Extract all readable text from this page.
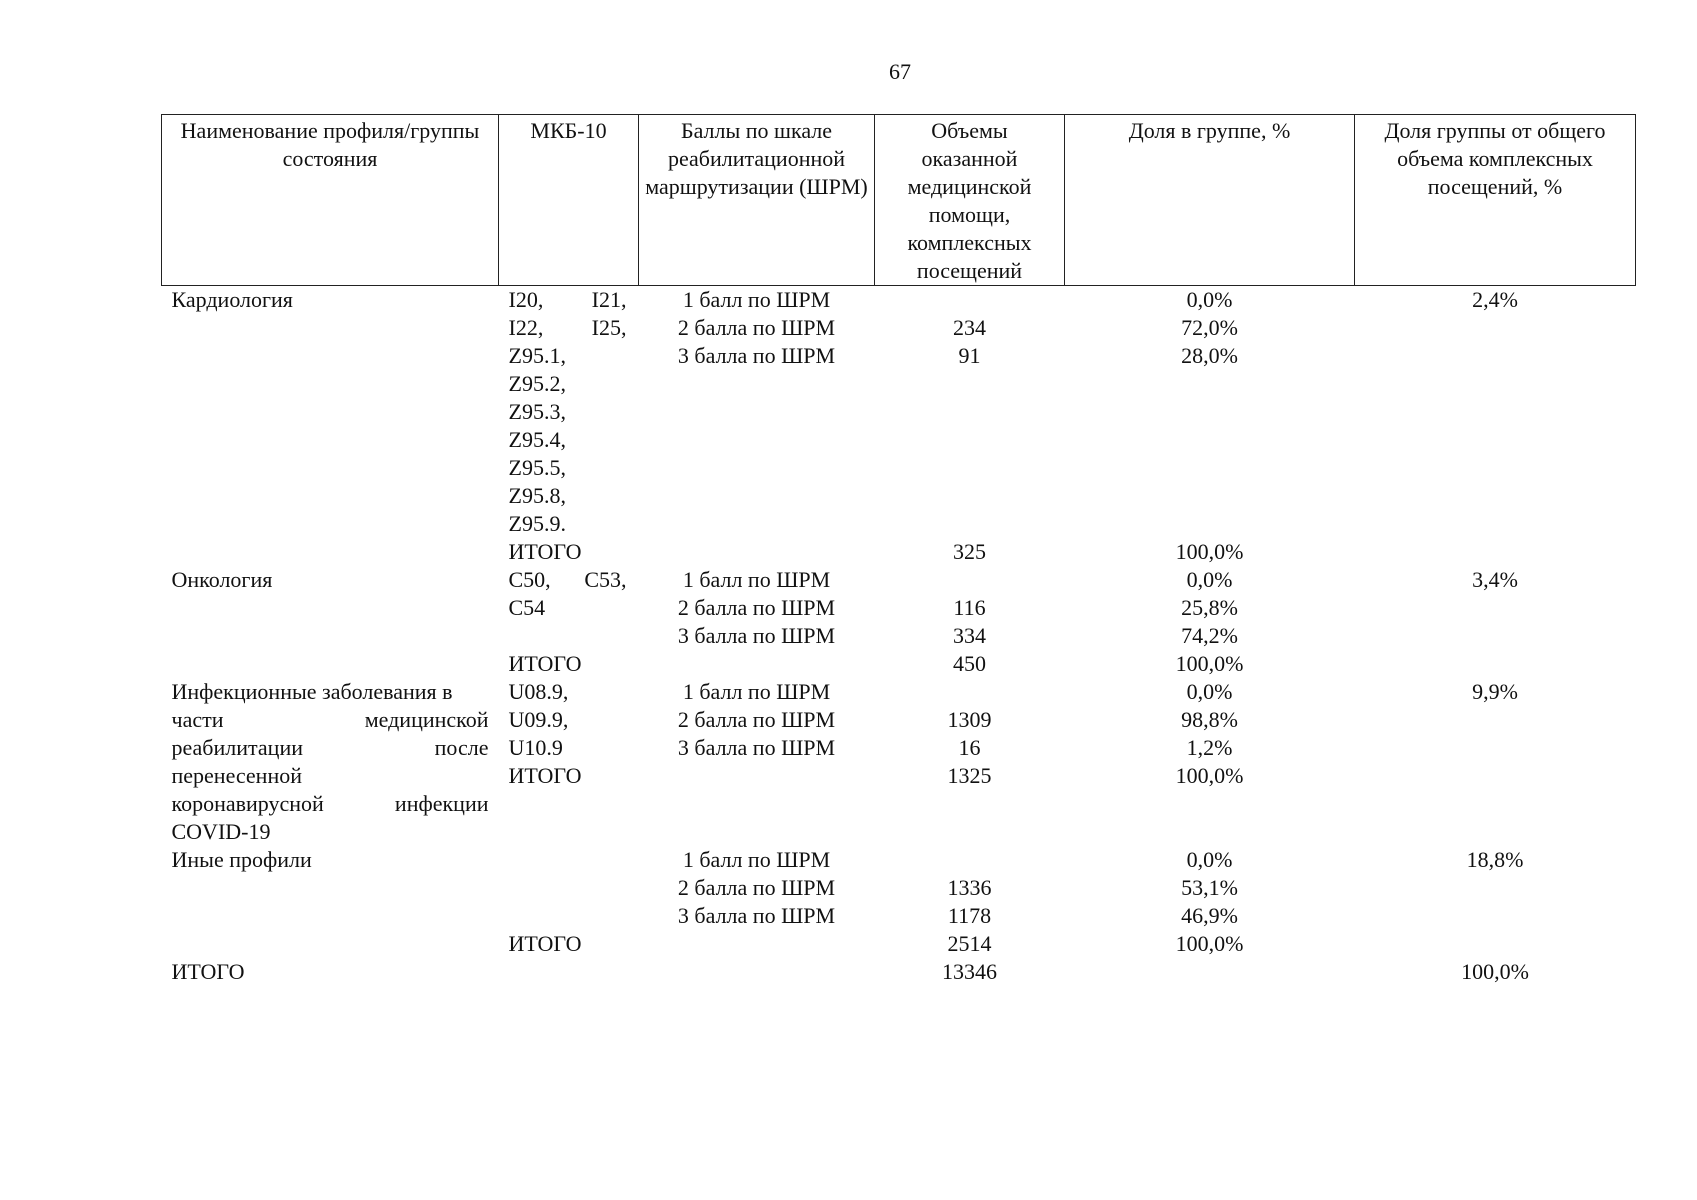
67
Наименование профиля/группы состояния	МКБ-10	Баллы по шкале реабилитационной маршрутизации (ШРМ)	Объемы оказанной медицинской помощи, комплексных посещений	Доля в группе, %	Доля группы от общего объема комплексных посещений, %
Кардиология	I20, I21,	1 балл по ШРМ		0,0%	2,4%
	I22, I25,	2 балла по ШРМ	234	72,0%	
	Z95.1,	3 балла по ШРМ	91	28,0%	
	Z95.2,				
	Z95.3,				
	Z95.4,				
	Z95.5,				
	Z95.8,				
	Z95.9.				
	ИТОГО		325	100,0%	
Онкология	C50, C53,	1 балл по ШРМ		0,0%	3,4%
	C54	2 балла по ШРМ	116	25,8%	
		3 балла по ШРМ	334	74,2%	
	ИТОГО		450	100,0%	
Инфекционные заболевания в	U08.9,	1 балл по ШРМ		0,0%	9,9%
части медицинской	U09.9,	2 балла по ШРМ	1309	98,8%	
реабилитации после	U10.9	3 балла по ШРМ	16	1,2%	
перенесенной	ИТОГО		1325	100,0%	
коронавирусной инфекции					

COVID-19					
Иные профили		1 балл по ШРМ		0,0%	18,8%
		2 балла по ШРМ	1336	53,1%	
		3 балла по ШРМ	1178	46,9%	
	ИТОГО		2514	100,0%	
ИТОГО			13346		100,0%
